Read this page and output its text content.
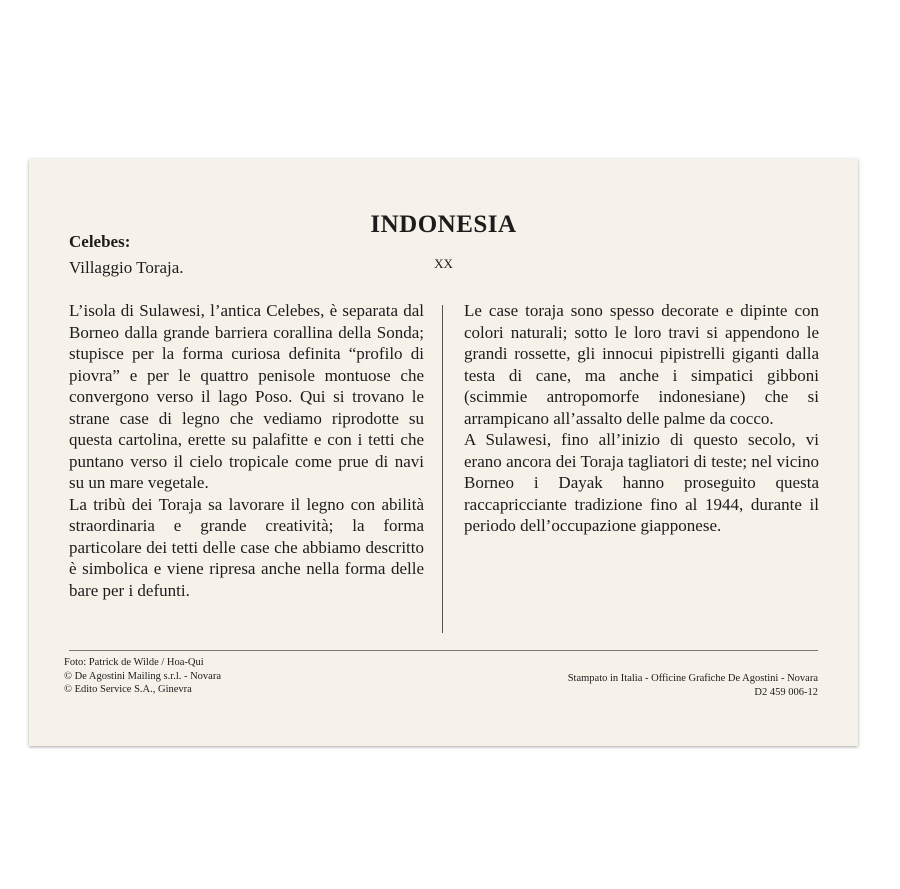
INDONESIA
XX
Celebes:
Villaggio Toraja.

L’isola di Sulawesi, l’antica Celebes, è separata dal Borneo dalla grande barriera corallina della Sonda; stupisce per la forma curiosa definita “profilo di piovra” e per le quattro penisole montuose che convergono verso il lago Poso. Qui si trovano le strane case di legno che vediamo riprodotte su questa cartolina, erette su palafitte e con i tetti che puntano verso il cielo tropicale come prue di navi su un mare vegetale.

La tribù dei Toraja sa lavorare il legno con abilità straordinaria e grande creatività; la forma particolare dei tetti delle case che abbiamo descritto è simbolica e viene ripresa anche nella forma delle bare per i defunti.

Le case toraja sono spesso decorate e dipinte con colori naturali; sotto le loro travi si appendono le grandi rossette, gli innocui pipistrelli giganti dalla testa di cane, ma anche i simpatici gibboni (scimmie antropomorfe indonesiane) che si arrampicano all’assalto delle palme da cocco.

A Sulawesi, fino all’inizio di questo secolo, vi erano ancora dei Toraja tagliatori di teste; nel vicino Borneo i Dayak hanno proseguito questa raccapricciante tradizione fino al 1944, durante il periodo dell’occupazione giapponese.

Foto: Patrick de Wilde / Hoa-Qui
© De Agostini Mailing s.r.l. - Novara
© Edito Service S.A., Ginevra
Stampato in Italia - Officine Grafiche De Agostini - Novara
D2 459 006-12
